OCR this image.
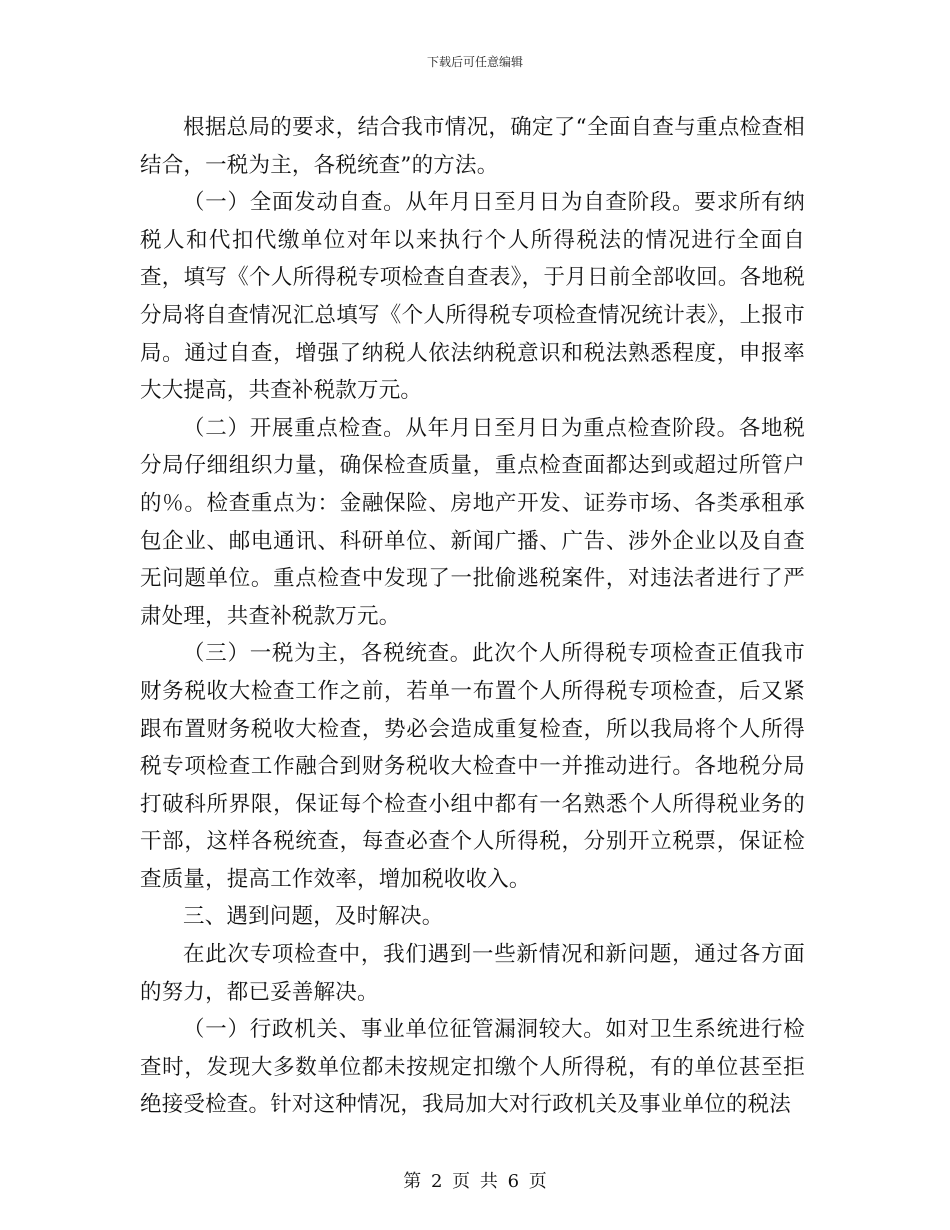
下载后可任意编辑

根据总局的要求，结合我市情况，确定了“全面自查与重点检查相结合，一税为主，各税统查”的方法。

（一）全面发动自查。从年月日至月日为自查阶段。要求所有纳税人和代扣代缴单位对年以来执行个人所得税法的情况进行全面自查，填写《个人所得税专项检查自查表》，于月日前全部收回。各地税分局将自查情况汇总填写《个人所得税专项检查情况统计表》，上报市局。通过自查，增强了纳税人依法纳税意识和税法熟悉程度，申报率大大提高，共查补税款万元。

（二）开展重点检查。从年月日至月日为重点检查阶段。各地税分局仔细组织力量，确保检查质量，重点检查面都达到或超过所管户的％。检查重点为：金融保险、房地产开发、证券市场、各类承租承包企业、邮电通讯、科研单位、新闻广播、广告、涉外企业以及自查无问题单位。重点检查中发现了一批偷逃税案件，对违法者进行了严肃处理，共查补税款万元。

（三）一税为主，各税统查。此次个人所得税专项检查正值我市财务税收大检查工作之前，若单一布置个人所得税专项检查，后又紧跟布置财务税收大检查，势必会造成重复检查，所以我局将个人所得税专项检查工作融合到财务税收大检查中一并推动进行。各地税分局打破科所界限，保证每个检查小组中都有一名熟悉个人所得税业务的干部，这样各税统查，每查必查个人所得税，分别开立税票，保证检查质量，提高工作效率，增加税收收入。

三、遇到问题，及时解决。

在此次专项检查中，我们遇到一些新情况和新问题，通过各方面的努力，都已妥善解决。

（一）行政机关、事业单位征管漏洞较大。如对卫生系统进行检查时，发现大多数单位都未按规定扣缴个人所得税，有的单位甚至拒绝接受检查。针对这种情况，我局加大对行政机关及事业单位的税法

第 2 页 共 6 页
